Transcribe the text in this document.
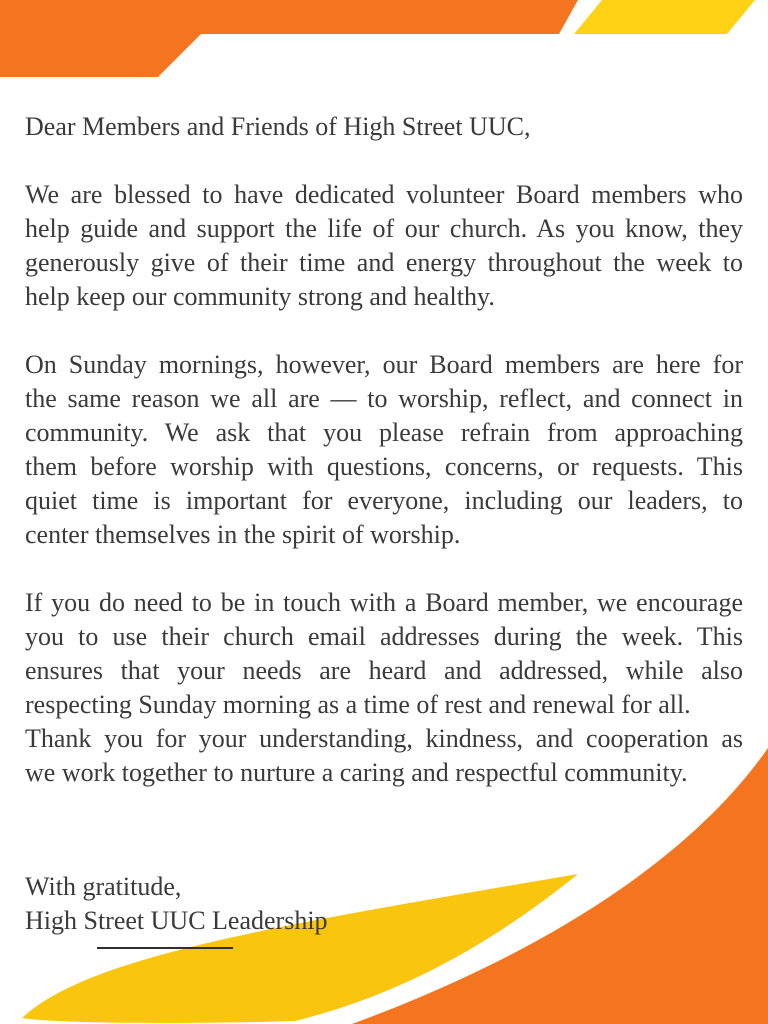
Dear Members and Friends of High Street UUC,
We are blessed to have dedicated volunteer Board members who
help guide and support the life of our church. As you know, they
generously give of their time and energy throughout the week to
help keep our community strong and healthy.
On Sunday mornings, however, our Board members are here for
the same reason we all are — to worship, reflect, and connect in
community. We ask that you please refrain from approaching
them before worship with questions, concerns, or requests. This
quiet time is important for everyone, including our leaders, to
center themselves in the spirit of worship.
If you do need to be in touch with a Board member, we encourage
you to use their church email addresses during the week. This
ensures that your needs are heard and addressed, while also
respecting Sunday morning as a time of rest and renewal for all.
Thank you for your understanding, kindness, and cooperation as
we work together to nurture a caring and respectful community.
With gratitude,
High Street UUC Leadership
